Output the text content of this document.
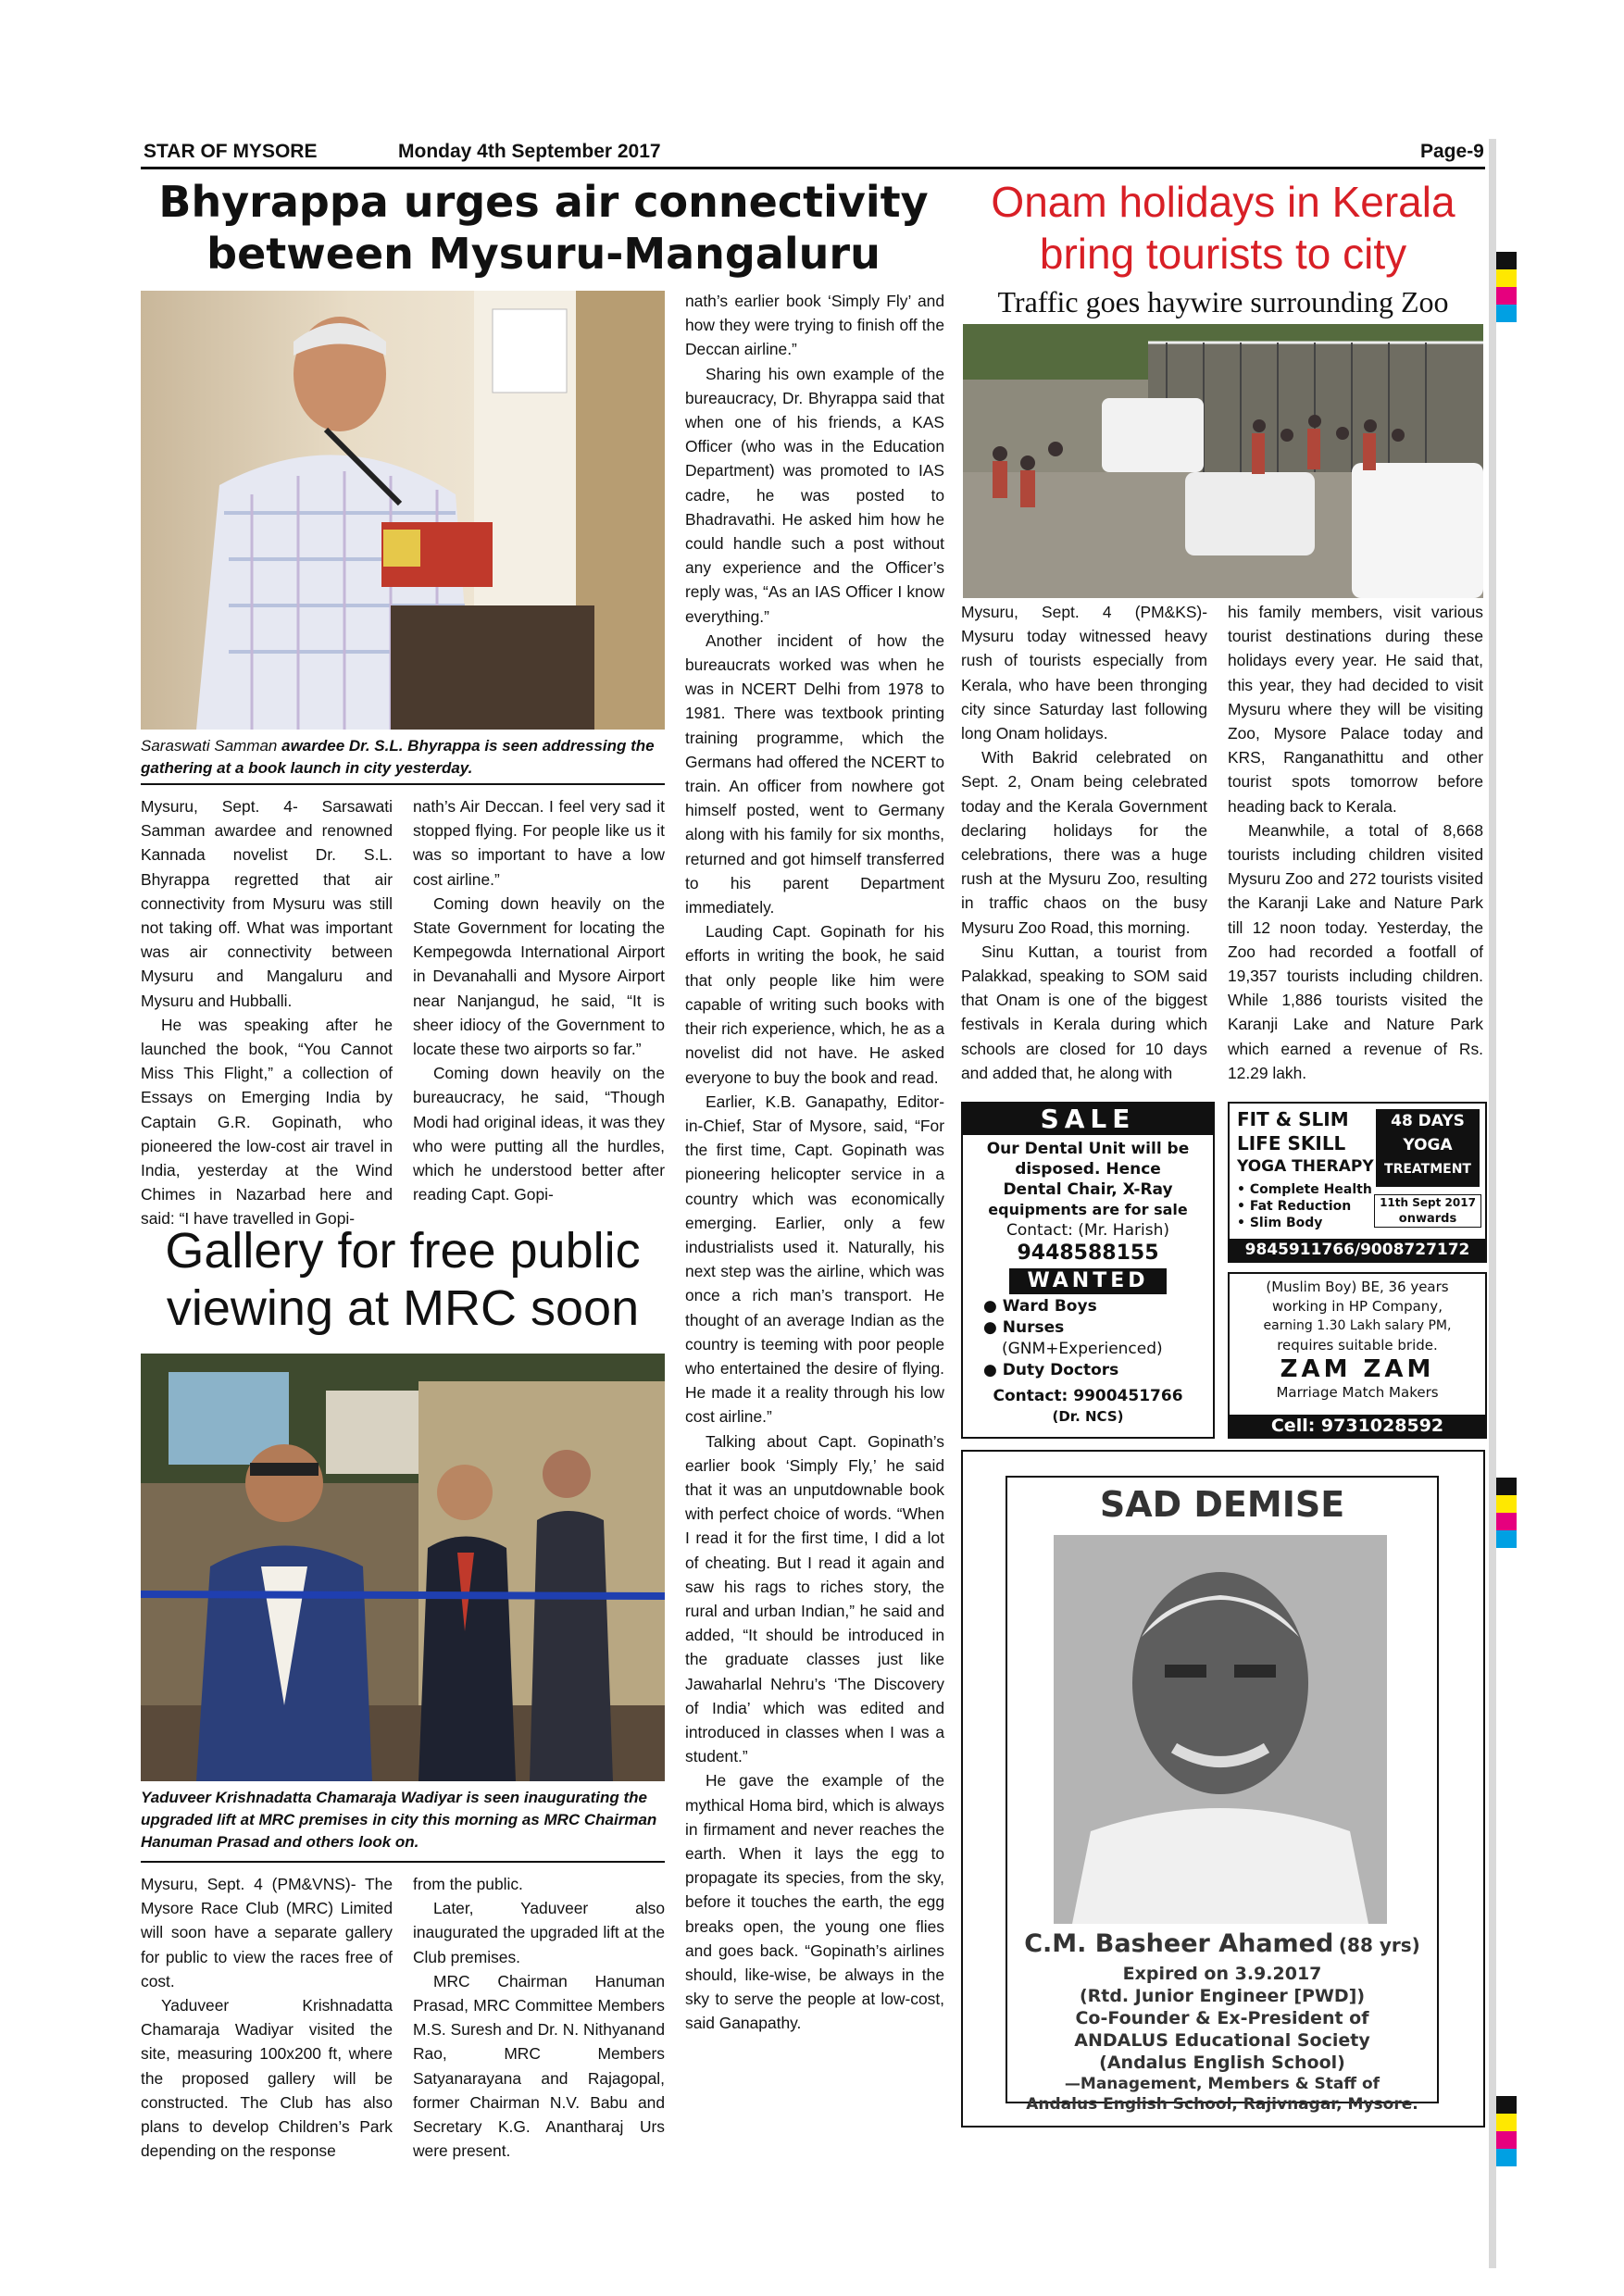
STAR OF MYSORE	Monday 4th September 2017	Page-9
Bhyrappa urges air connectivity
between Mysuru-Mangaluru
Saraswati Samman awardee Dr. S.L. Bhyrappa is seen addressing the gathering at a book launch in city yesterday.

Mysuru, Sept. 4- Sarsawati Samman awardee and renowned Kannada novelist Dr. S.L. Bhyrappa regretted that air connectivity from Mysuru was still not taking off. What was important was air connectivity between Mysuru and Mangaluru and Mysuru and Hubballi.

He was speaking after he launched the book, “You Cannot Miss This Flight,” a collection of Essays on Emerging India by Captain G.R. Gopinath, who pioneered the low-cost air travel in India, yesterday at the Wind Chimes in Nazarbad here and said: “I have travelled in Gopi-

nath’s Air Deccan. I feel very sad it stopped flying. For people like us it was so important to have a low cost airline.”

Coming down heavily on the State Government for locating the Kempegowda International Airport in Devanahalli and Mysore Airport near Nanjangud, he said, “It is sheer idiocy of the Government to locate these two airports so far.”

Coming down heavily on the bureaucracy, he said, “Though Modi had original ideas, it was they who were putting all the hurdles, which he understood better after reading Capt. Gopi-

nath’s earlier book ‘Simply Fly’ and how they were trying to finish off the Deccan airline.”

Sharing his own example of the bureaucracy, Dr. Bhyrappa said that when one of his friends, a KAS Officer (who was in the Education Department) was promoted to IAS cadre, he was posted to Bhadravathi. He asked him how he could handle such a post without any experience and the Officer’s reply was, “As an IAS Officer I know everything.”

Another incident of how the bureaucrats worked was when he was in NCERT Delhi from 1978 to 1981. There was textbook printing training programme, which the Germans had offered the NCERT to train. An officer from nowhere got himself posted, went to Germany along with his family for six months, returned and got himself transferred to his parent Department immediately.

Lauding Capt. Gopinath for his efforts in writing the book, he said that only people like him were capable of writing such books with their rich experience, which, he as a novelist did not have. He asked everyone to buy the book and read.

Earlier, K.B. Ganapathy, Editor-in-Chief, Star of Mysore, said, “For the first time, Capt. Gopinath was pioneering helicopter service in a country which was economically emerging. Earlier, only a few industrialists used it. Naturally, his next step was the airline, which was once a rich man’s transport. He thought of an average Indian as the country is teeming with poor people who entertained the desire of flying. He made it a reality through his low cost airline.”

Talking about Capt. Gopinath’s earlier book ‘Simply Fly,’ he said that it was an unputdownable book with perfect choice of words. “When I read it for the first time, I did a lot of cheating. But I read it again and saw his rags to riches story, the rural and urban Indian,” he said and added, “It should be introduced in the graduate classes just like Jawaharlal Nehru’s ‘The Discovery of India’ which was edited and introduced in classes when I was a student.”

He gave the example of the mythical Homa bird, which is always in firmament and never reaches the earth. When it lays the egg to propagate its species, from the sky, before it touches the earth, the egg breaks open, the young one flies and goes back. “Gopinath’s airlines should, like-wise, be always in the sky to serve the people at low-cost, said Ganapathy.

Gallery for free public
viewing at MRC soon
Yaduveer Krishnadatta Chamaraja Wadiyar is seen inaugurating the upgraded lift at MRC premises in city this morning as MRC Chairman Hanuman Prasad and others look on.

Mysuru, Sept. 4 (PM&VNS)- The Mysore Race Club (MRC) Limited will soon have a separate gallery for public to view the races free of cost.

Yaduveer Krishnadatta Chamaraja Wadiyar visited the site, measuring 100x200 ft, where the proposed gallery will be constructed. The Club has also plans to develop Children’s Park depending on the response

from the public.

Later, Yaduveer also inaugurated the upgraded lift at the Club premises.

MRC Chairman Hanuman Prasad, MRC Committee Members M.S. Suresh and Dr. N. Nithyanand Rao, MRC Members Satyanarayana and Rajagopal, former Chairman N.V. Babu and Secretary K.G. Anantharaj Urs were present.

Onam holidays in Kerala
bring tourists to city
Traffic goes haywire surrounding Zoo

Mysuru, Sept. 4 (PM&KS)- Mysuru today witnessed heavy rush of tourists especially from Kerala, who have been thronging city since Saturday last following long Onam holidays.

With Bakrid celebrated on Sept. 2, Onam being celebrated today and the Kerala Government declaring holidays for the celebrations, there was a huge rush at the Mysuru Zoo, resulting in traffic chaos on the busy Mysuru Zoo Road, this morning.

Sinu Kuttan, a tourist from Palakkad, speaking to SOM said that Onam is one of the biggest festivals in Kerala during which schools are closed for 10 days and added that, he along with

his family members, visit various tourist destinations during these holidays every year. He said that, this year, they had decided to visit Mysuru where they will be visiting Zoo, Mysore Palace today and KRS, Ranganathittu and other tourist spots tomorrow before heading back to Kerala.

Meanwhile, a total of 8,668 tourists including children visited Mysuru Zoo and 272 tourists visited the Karanji Lake and Nature Park till 12 noon today. Yesterday, the Zoo had recorded a footfall of 19,357 tourists including children. While 1,886 tourists visited the Karanji Lake and Nature Park which earned a revenue of Rs. 12.29 lakh.

SALE
Our Dental Unit will be
disposed. Hence
Dental Chair, X-Ray
equipments are for sale
Contact: (Mr. Harish)
9448588155
WANTED
● Ward Boys
● Nurses
(GNM+Experienced)
● Duty Doctors
Contact: 9900451766
(Dr. NCS)
FIT & SLIM
LIFE SKILL
YOGA THERAPY
48 DAYS
YOGA
TREATMENT
• Complete Health
• Fat Reduction
• Slim Body
11th Sept 2017
onwards
9845911766/9008727172
(Muslim Boy) BE, 36 years
working in HP Company,
earning 1.30 Lakh salary PM,
requires suitable bride.
ZAM ZAM
Marriage Match Makers
Cell: 9731028592
SAD DEMISE
C.M. Basheer Ahamed (88 yrs)
Expired on 3.9.2017
(Rtd. Junior Engineer [PWD])
Co-Founder & Ex-President of
ANDALUS Educational Society
(Andalus English School)
—Management, Members & Staff of
Andalus English School, Rajivnagar, Mysore.
